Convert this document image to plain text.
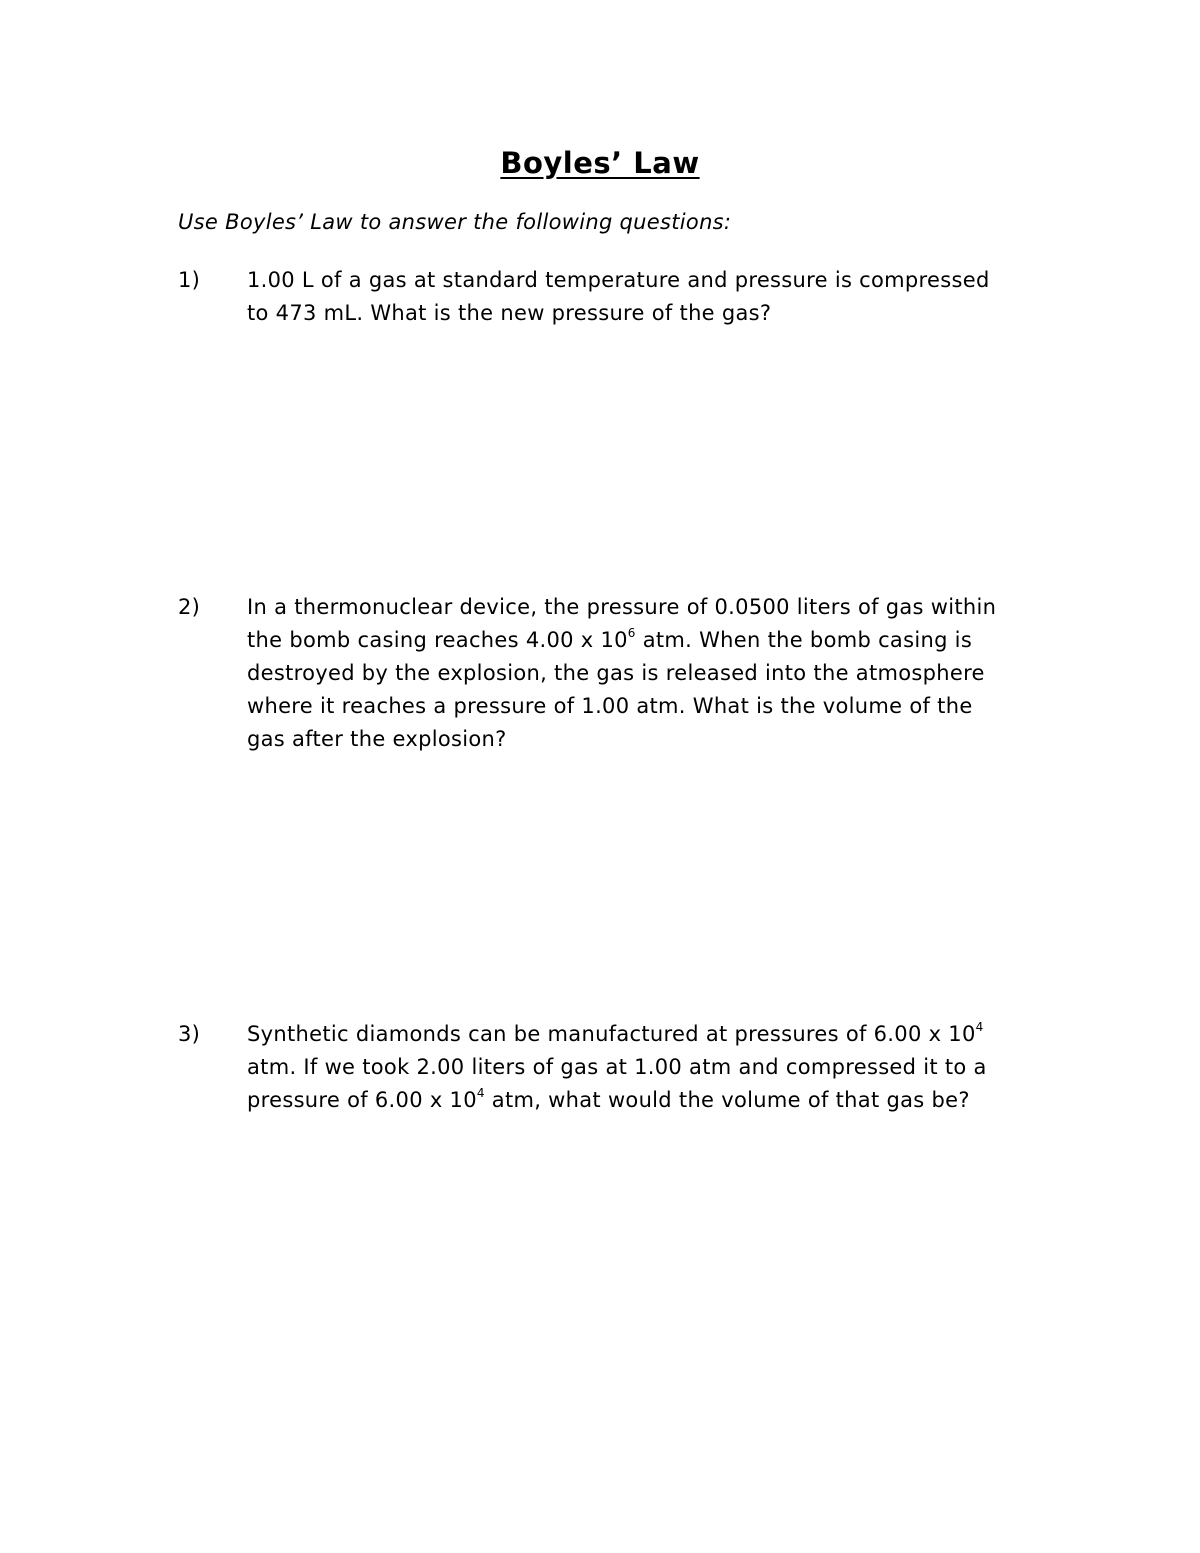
Boyles’ Law
Use Boyles’ Law to answer the following questions:
1) 1.00 L of a gas at standard temperature and pressure is compressed
to 473 mL. What is the new pressure of the gas?
2) In a thermonuclear device, the pressure of 0.0500 liters of gas within
the bomb casing reaches 4.00 x $10^6$ atm. When the bomb casing is
destroyed by the explosion, the gas is released into the atmosphere
where it reaches a pressure of 1.00 atm. What is the volume of the
gas after the explosion?
3) Synthetic diamonds can be manufactured at pressures of 6.00 x $10^4$
atm. If we took 2.00 liters of gas at 1.00 atm and compressed it to a
pressure of 6.00 x $10^4$ atm, what would the volume of that gas be?
